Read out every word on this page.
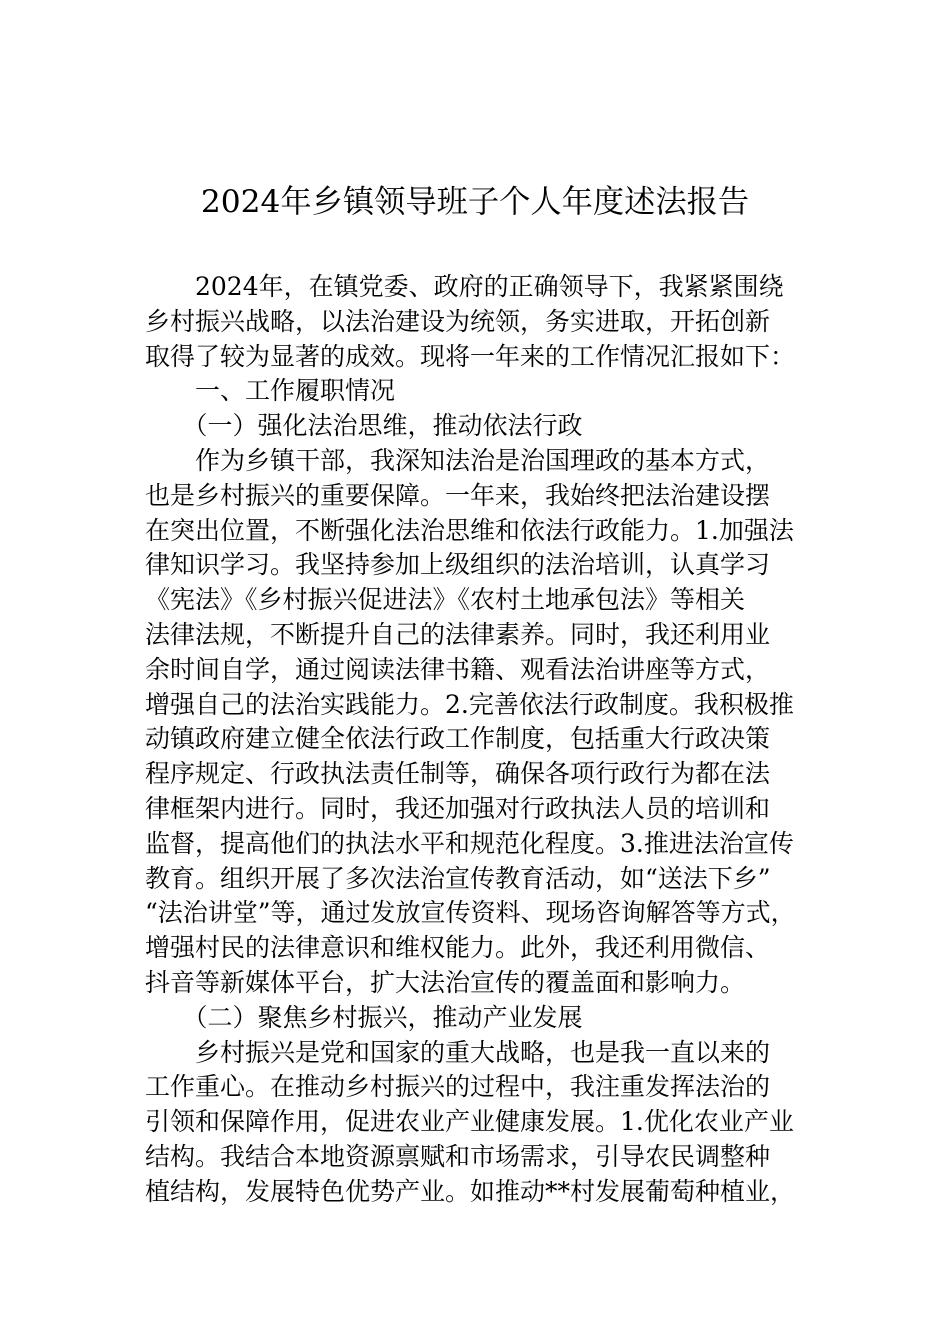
2024年乡镇领导班子个人年度述法报告
　　2024年，在镇党委、政府的正确领导下，我紧紧围绕
乡村振兴战略，以法治建设为统领，务实进取，开拓创新
取得了较为显著的成效。现将一年来的工作情况汇报如下：
　　一、工作履职情况
　　（一）强化法治思维，推动依法行政
　　作为乡镇干部，我深知法治是治国理政的基本方式，
也是乡村振兴的重要保障。一年来，我始终把法治建设摆
在突出位置，不断强化法治思维和依法行政能力。1.加强法
律知识学习。我坚持参加上级组织的法治培训，认真学习
《宪法》《乡村振兴促进法》《农村土地承包法》等相关
法律法规，不断提升自己的法律素养。同时，我还利用业
余时间自学，通过阅读法律书籍、观看法治讲座等方式，
增强自己的法治实践能力。2.完善依法行政制度。我积极推
动镇政府建立健全依法行政工作制度，包括重大行政决策
程序规定、行政执法责任制等，确保各项行政行为都在法
律框架内进行。同时，我还加强对行政执法人员的培训和
监督，提高他们的执法水平和规范化程度。3.推进法治宣传
教育。组织开展了多次法治宣传教育活动，如“送法下乡”
“法治讲堂”等，通过发放宣传资料、现场咨询解答等方式，
增强村民的法律意识和维权能力。此外，我还利用微信、
抖音等新媒体平台，扩大法治宣传的覆盖面和影响力。
　　（二）聚焦乡村振兴，推动产业发展
　　乡村振兴是党和国家的重大战略，也是我一直以来的
工作重心。在推动乡村振兴的过程中，我注重发挥法治的
引领和保障作用，促进农业产业健康发展。1.优化农业产业
结构。我结合本地资源禀赋和市场需求，引导农民调整种
植结构，发展特色优势产业。如推动**村发展葡萄种植业，
